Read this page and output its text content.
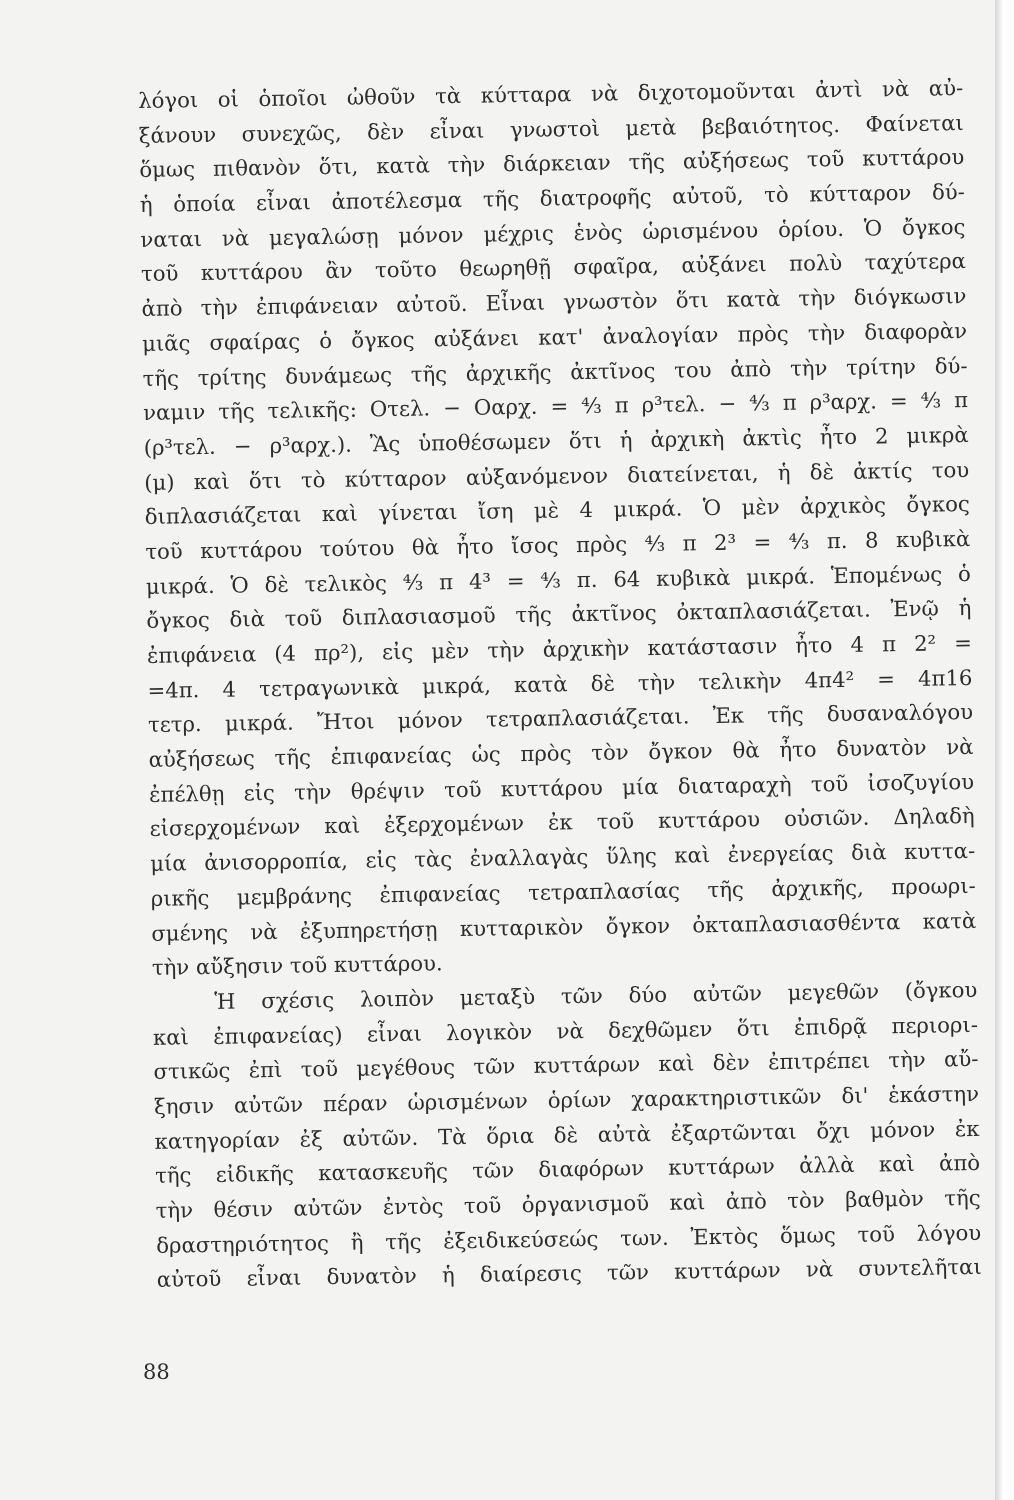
λόγοι οἱ ὁποῖοι ὠθοῦν τὰ κύτταρα νὰ διχοτομοῦνται ἀντὶ νὰ αὐ-
ξάνουν συνεχῶς, δὲν εἶναι γνωστοὶ μετὰ βεβαιότητος. Φαίνεται
ὅμως πιθανὸν ὅτι, κατὰ τὴν διάρκειαν τῆς αὐξήσεως τοῦ κυττάρου
ἡ ὁποία εἶναι ἀποτέλεσμα τῆς διατροφῆς αὐτοῦ, τὸ κύτταρον δύ-
ναται νὰ μεγαλώσῃ μόνον μέχρις ἑνὸς ὡρισμένου ὁρίου. Ὁ ὄγκος
τοῦ κυττάρου ἂν τοῦτο θεωρηθῇ σφαῖρα, αὐξάνει πολὺ ταχύτερα
ἀπὸ τὴν ἐπιφάνειαν αὐτοῦ. Εἶναι γνωστὸν ὅτι κατὰ τὴν διόγκωσιν
μιᾶς σφαίρας ὁ ὄγκος αὐξάνει κατ' ἀναλογίαν πρὸς τὴν διαφορὰν
τῆς τρίτης δυνάμεως τῆς ἀρχικῆς ἀκτῖνος του ἀπὸ τὴν τρίτην δύ-
ναμιν τῆς τελικῆς: Oτελ. − Oαρχ. = ⁴⁄₃ π ρ³τελ. − ⁴⁄₃ π ρ³αρχ. = ⁴⁄₃ π
(ρ³τελ. − ρ³αρχ.). Ἂς ὑποθέσωμεν ὅτι ἡ ἀρχικὴ ἀκτὶς ἦτο 2 μικρὰ
(μ) καὶ ὅτι τὸ κύτταρον αὐξανόμενον διατείνεται, ἡ δὲ ἀκτίς του
διπλασιάζεται καὶ γίνεται ἴση μὲ 4 μικρά. Ὁ μὲν ἀρχικὸς ὄγκος
τοῦ κυττάρου τούτου θὰ ἦτο ἴσος πρὸς ⁴⁄₃ π 2³ = ⁴⁄₃ π. 8 κυβικὰ
μικρά. Ὁ δὲ τελικὸς ⁴⁄₃ π 4³ = ⁴⁄₃ π. 64 κυβικὰ μικρά. Ἑπομένως ὁ
ὄγκος διὰ τοῦ διπλασιασμοῦ τῆς ἀκτῖνος ὀκταπλασιάζεται. Ἐνῷ ἡ
ἐπιφάνεια (4 πρ²), εἰς μὲν τὴν ἀρχικὴν κατάστασιν ἦτο 4 π 2² =
=4π. 4 τετραγωνικὰ μικρά, κατὰ δὲ τὴν τελικὴν 4π4² = 4π16
τετρ. μικρά. Ἤτοι μόνον τετραπλασιάζεται. Ἐκ τῆς δυσαναλόγου
αὐξήσεως τῆς ἐπιφανείας ὡς πρὸς τὸν ὄγκον θὰ ἦτο δυνατὸν νὰ
ἐπέλθῃ εἰς τὴν θρέψιν τοῦ κυττάρου μία διαταραχὴ τοῦ ἰσοζυγίου
εἰσερχομένων καὶ ἐξερχομένων ἐκ τοῦ κυττάρου οὐσιῶν. Δηλαδὴ
μία ἀνισορροπία, εἰς τὰς ἐναλλαγὰς ὕλης καὶ ἐνεργείας διὰ κυττα-
ρικῆς μεμβράνης ἐπιφανείας τετραπλασίας τῆς ἀρχικῆς, προωρι-
σμένης νὰ ἐξυπηρετήσῃ κυτταρικὸν ὄγκον ὀκταπλασιασθέντα κατὰ
τὴν αὔξησιν τοῦ κυττάρου.
Ἡ σχέσις λοιπὸν μεταξὺ τῶν δύο αὐτῶν μεγεθῶν (ὄγκου
καὶ ἐπιφανείας) εἶναι λογικὸν νὰ δεχθῶμεν ὅτι ἐπιδρᾷ περιορι-
στικῶς ἐπὶ τοῦ μεγέθους τῶν κυττάρων καὶ δὲν ἐπιτρέπει τὴν αὔ-
ξησιν αὐτῶν πέραν ὡρισμένων ὁρίων χαρακτηριστικῶν δι' ἑκάστην
κατηγορίαν ἐξ αὐτῶν. Τὰ ὅρια δὲ αὐτὰ ἐξαρτῶνται ὄχι μόνον ἐκ
τῆς εἰδικῆς κατασκευῆς τῶν διαφόρων κυττάρων ἀλλὰ καὶ ἀπὸ
τὴν θέσιν αὐτῶν ἐντὸς τοῦ ὀργανισμοῦ καὶ ἀπὸ τὸν βαθμὸν τῆς
δραστηριότητος ἢ τῆς ἐξειδικεύσεώς των. Ἐκτὸς ὅμως τοῦ λόγου
αὐτοῦ εἶναι δυνατὸν ἡ διαίρεσις τῶν κυττάρων νὰ συντελῆται
88
